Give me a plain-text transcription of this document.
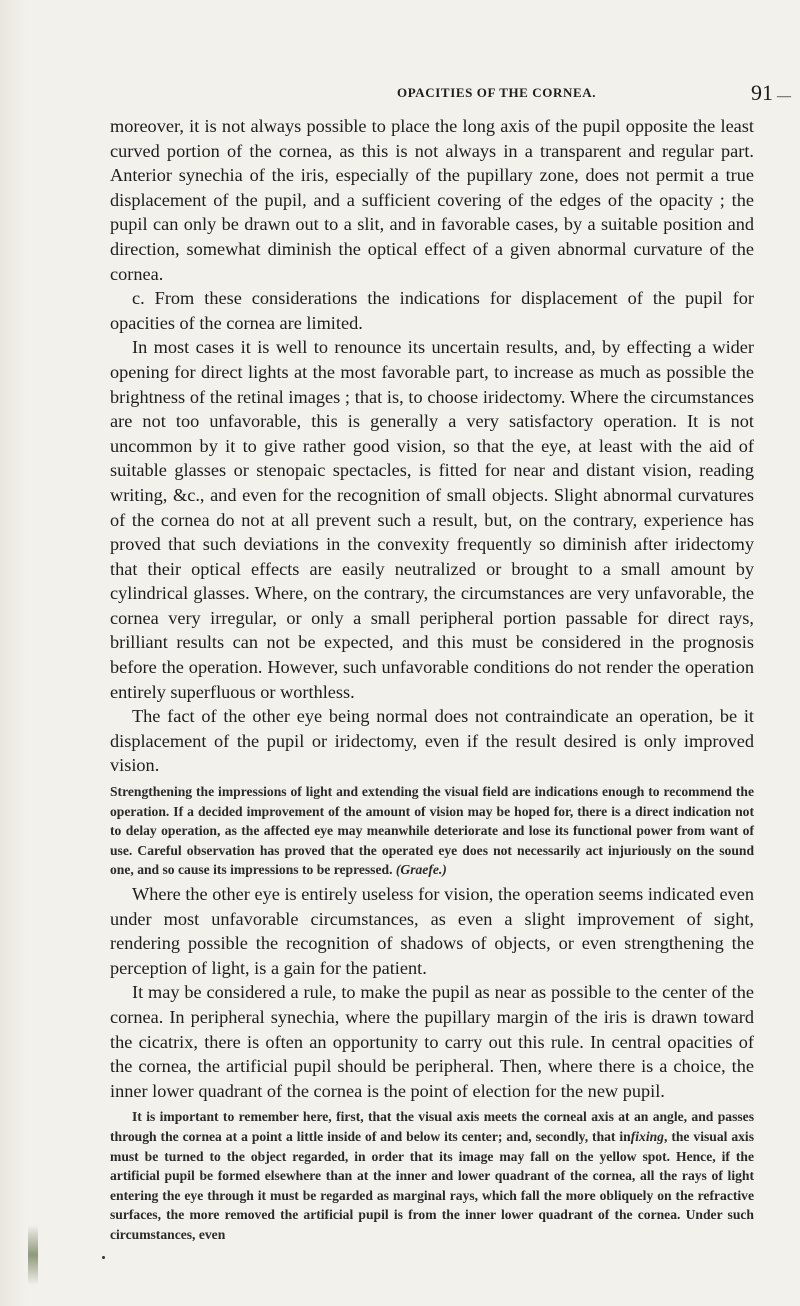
OPACITIES OF THE CORNEA.	91 —

moreover, it is not always possible to place the long axis of the pupil opposite the least curved portion of the cornea, as this is not always in a transparent and regular part. Anterior synechia of the iris, especially of the pupillary zone, does not permit a true displacement of the pupil, and a sufficient covering of the edges of the opacity ; the pupil can only be drawn out to a slit, and in favorable cases, by a suitable position and direction, somewhat diminish the optical effect of a given abnormal curvature of the cornea.

c. From these considerations the indications for displacement of the pupil for opacities of the cornea are limited.

In most cases it is well to renounce its uncertain results, and, by effecting a wider opening for direct lights at the most favorable part, to increase as much as possible the brightness of the retinal images ; that is, to choose iridectomy. Where the circumstances are not too unfavorable, this is generally a very satisfactory operation. It is not uncommon by it to give rather good vision, so that the eye, at least with the aid of suitable glasses or stenopaic spectacles, is fitted for near and distant vision, reading writing, &c., and even for the recognition of small objects. Slight abnormal curvatures of the cornea do not at all prevent such a result, but, on the contrary, experience has proved that such deviations in the convexity frequently so diminish after iridectomy that their optical effects are easily neutralized or brought to a small amount by cylindrical glasses. Where, on the contrary, the circumstances are very unfavorable, the cornea very irregular, or only a small peripheral portion passable for direct rays, brilliant results can not be expected, and this must be considered in the prognosis before the operation. However, such unfavorable conditions do not render the operation entirely superfluous or worthless.

The fact of the other eye being normal does not contraindicate an operation, be it displacement of the pupil or iridectomy, even if the result desired is only improved vision.

Strengthening the impressions of light and extending the visual field are indications enough to recommend the operation. If a decided improvement of the amount of vision may be hoped for, there is a direct indication not to delay operation, as the affected eye may meanwhile deteriorate and lose its functional power from want of use. Careful observation has proved that the operated eye does not necessarily act injuriously on the sound one, and so cause its impressions to be repressed. (Graefe.)

Where the other eye is entirely useless for vision, the operation seems indicated even under most unfavorable circumstances, as even a slight improvement of sight, rendering possible the recognition of shadows of objects, or even strengthening the perception of light, is a gain for the patient.

It may be considered a rule, to make the pupil as near as possible to the center of the cornea. In peripheral synechia, where the pupillary margin of the iris is drawn toward the cicatrix, there is often an opportunity to carry out this rule. In central opacities of the cornea, the artificial pupil should be peripheral. Then, where there is a choice, the inner lower quadrant of the cornea is the point of election for the new pupil.

It is important to remember here, first, that the visual axis meets the corneal axis at an angle, and passes through the cornea at a point a little inside of and below its center; and, secondly, that infixing, the visual axis must be turned to the object regarded, in order that its image may fall on the yellow spot. Hence, if the artificial pupil be formed elsewhere than at the inner and lower quadrant of the cornea, all the rays of light entering the eye through it must be regarded as marginal rays, which fall the more obliquely on the refractive surfaces, the more removed the artificial pupil is from the inner lower quadrant of the cornea. Under such circumstances, even
